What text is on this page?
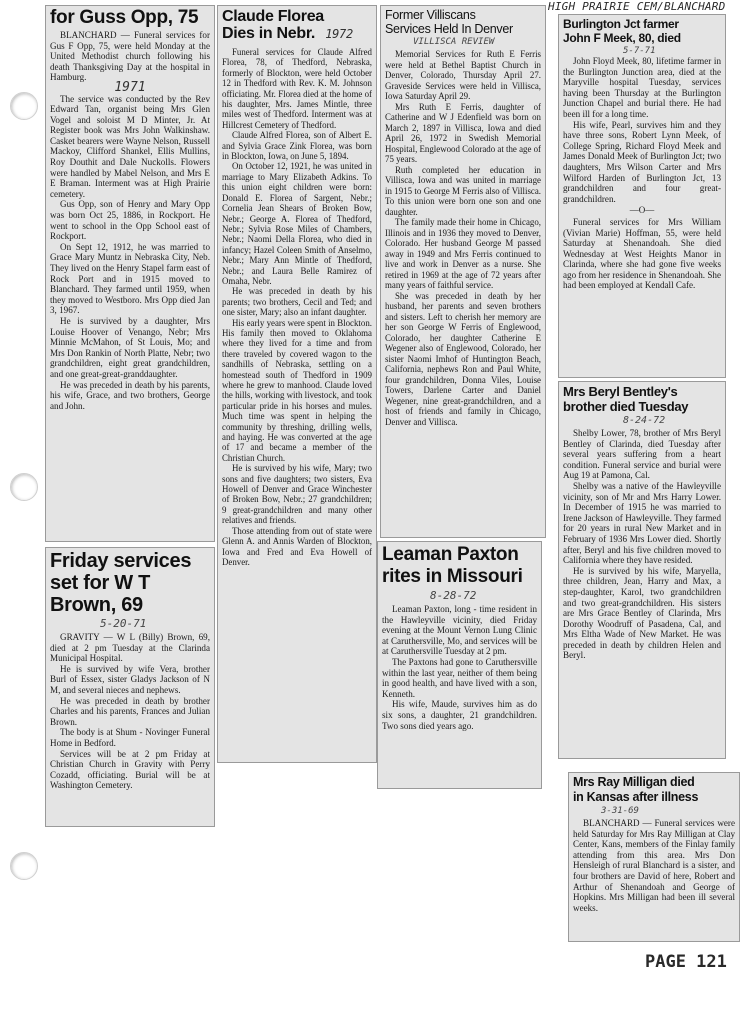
HIGH PRAIRIE CEM/BLANCHARD
for Guss Opp, 75

BLANCHARD — Funeral services for Gus F Opp, 75, were held Monday at the United Methodist church following his death Thanksgiving Day at the hospital in Hamburg.

1971

The service was conducted by the Rev Edward Tan, organist being Mrs Glen Vogel and soloist M D Minter, Jr. At Register book was Mrs John Walkinshaw. Casket bearers were Wayne Nelson, Russell Mackoy, Clifford Shankel, Ellis Mullins, Roy Douthit and Dale Nuckolls. Flowers were handled by Mabel Nelson, and Mrs E E Braman. Interment was at High Prairie cemetery.

Gus Opp, son of Henry and Mary Opp was born Oct 25, 1886, in Rockport. He went to school in the Opp School east of Rockport.

On Sept 12, 1912, he was married to Grace Mary Muntz in Nebraska City, Neb. They lived on the Henry Stapel farm east of Rock Port and in 1915 moved to Blanchard. They farmed until 1959, when they moved to Westboro. Mrs Opp died Jan 3, 1967.

He is survived by a daughter, Mrs Louise Hoover of Venango, Nebr; Mrs Minnie McMahon, of St Louis, Mo; and Mrs Don Rankin of North Platte, Nebr; two grandchildren, eight great grandchildren, and one great-great-granddaughter.

He was preceded in death by his parents, his wife, Grace, and two brothers, George and John.

Friday services set for W T Brown, 69
5-20-71

GRAVITY — W L (Billy) Brown, 69, died at 2 pm Tuesday at the Clarinda Municipal Hospital.

He is survived by wife Vera, brother Burl of Essex, sister Gladys Jackson of N M, and several nieces and nephews.

He was preceded in death by brother Charles and his parents, Frances and Julian Brown.

The body is at Shum - Novinger Funeral Home in Bedford.

Services will be at 2 pm Friday at Christian Church in Gravity with Perry Cozadd, officiating. Burial will be at Washington Cemetery.

Claude Florea
Dies in Nebr. 1972

Funeral services for Claude Alfred Florea, 78, of Thedford, Nebraska, formerly of Blockton, were held October 12 in Thedford with Rev. K. M. Johnson officiating. Mr. Florea died at the home of his daughter, Mrs. James Mintle, three miles west of Thedford. Interment was at Hillcrest Cemetery of Thedford.

Claude Alfred Florea, son of Albert E. and Sylvia Grace Zink Florea, was born in Blockton, Iowa, on June 5, 1894.

On October 12, 1921, he was united in marriage to Mary Elizabeth Adkins. To this union eight children were born: Donald E. Florea of Sargent, Nebr.; Cornelia Jean Shears of Broken Bow, Nebr.; George A. Florea of Thedford, Nebr.; Sylvia Rose Miles of Chambers, Nebr.; Naomi Della Florea, who died in infancy; Hazel Coleen Smith of Anselmo, Nebr.; Mary Ann Mintle of Thedford, Nebr.; and Laura Belle Ramirez of Omaha, Nebr.

He was preceded in death by his parents; two brothers, Cecil and Ted; and one sister, Mary; also an infant daughter.

His early years were spent in Blockton. His family then moved to Oklahoma where they lived for a time and from there traveled by covered wagon to the sandhills of Nebraska, settling on a homestead south of Thedford in 1909 where he grew to manhood. Claude loved the hills, working with livestock, and took particular pride in his horses and mules. Much time was spent in helping the community by threshing, drilling wells, and haying. He was converted at the age of 17 and became a member of the Christian Church.

He is survived by his wife, Mary; two sons and five daughters; two sisters, Eva Howell of Denver and Grace Winchester of Broken Bow, Nebr.; 27 grandchildren; 9 great-grandchildren and many other relatives and friends.

Those attending from out of state were Glenn A. and Annis Warden of Blockton, Iowa and Fred and Eva Howell of Denver.

Former Villiscans
Services Held In Denver
VILLISCA REVIEW

Memorial Services for Ruth E Ferris were held at Bethel Baptist Church in Denver, Colorado, Thursday April 27. Graveside Services were held in Villisca, Iowa Saturday April 29.

Mrs Ruth E Ferris, daughter of Catherine and W J Edenfield was born on March 2, 1897 in Villisca, Iowa and died April 26, 1972 in Swedish Memorial Hospital, Englewood Colorado at the age of 75 years.

Ruth completed her education in Villisca, Iowa and was united in marriage in 1915 to George M Ferris also of Villisca. To this union were born one son and one daughter.

The family made their home in Chicago, Illinois and in 1936 they moved to Denver, Colorado. Her husband George M passed away in 1949 and Mrs Ferris continued to live and work in Denver as a nurse. She retired in 1969 at the age of 72 years after many years of faithful service.

She was preceded in death by her husband, her parents and seven brothers and sisters. Left to cherish her memory are her son George W Ferris of Englewood, Colorado, her daughter Catherine E Wegener also of Englewood, Colorado, her sister Naomi Imhof of Huntington Beach, California, nephews Ron and Paul White, four grandchildren, Donna Viles, Louise Towers, Darlene Carter and Daniel Wegener, nine great-grandchildren, and a host of friends and family in Chicago, Denver and Villisca.

Leaman Paxton rites in Missouri
8-28-72

Leaman Paxton, long - time resident in the Hawleyville vicinity, died Friday evening at the Mount Vernon Lung Clinic at Caruthersville, Mo, and services will be at Caruthersville Tuesday at 2 pm.

The Paxtons had gone to Caruthersville within the last year, neither of them being in good health, and have lived with a son, Kenneth.

His wife, Maude, survives him as do six sons, a daughter, 21 grandchildren. Two sons died years ago.

Burlington Jct farmer
John F Meek, 80, died
5-7-71

John Floyd Meek, 80, lifetime farmer in the Burlington Junction area, died at the Maryville hospital Tuesday, services having been Thursday at the Burlington Junction Chapel and burial there. He had been ill for a long time.

His wife, Pearl, survives him and they have three sons, Robert Lynn Meek, of College Spring, Richard Floyd Meek and James Donald Meek of Burlington Jct; two daughters, Mrs Wilson Carter and Mrs Wilford Harden of Burlington Jct, 13 grandchildren and four great-grandchildren.

—O—

Funeral services for Mrs William (Vivian Marie) Hoffman, 55, were held Saturday at Shenandoah. She died Wednesday at West Heights Manor in Clarinda, where she had gone five weeks ago from her residence in Shenandoah. She had been employed at Kendall Cafe.

Mrs Beryl Bentley's
brother died Tuesday
8-24-72

Shelby Lower, 78, brother of Mrs Beryl Bentley of Clarinda, died Tuesday after several years suffering from a heart condition. Funeral service and burial were Aug 19 at Pamona, Cal.

Shelby was a native of the Hawleyville vicinity, son of Mr and Mrs Harry Lower. In December of 1915 he was married to Irene Jackson of Hawleyville. They farmed for 20 years in rural New Market and in February of 1936 Mrs Lower died. Shortly after, Beryl and his five children moved to California where they have resided.

He is survived by his wife, Maryella, three children, Jean, Harry and Max, a step-daughter, Karol, two grandchildren and two great-grandchildren. His sisters are Mrs Grace Bentley of Clarinda, Mrs Dorothy Woodruff of Pasadena, Cal, and Mrs Eltha Wade of New Market. He was preceded in death by children Helen and Beryl.

Mrs Ray Milligan died
in Kansas after illness
3-31-69

BLANCHARD — Funeral services were held Saturday for Mrs Ray Milligan at Clay Center, Kans, members of the Finlay family attending from this area. Mrs Don Hensleigh of rural Blanchard is a sister, and four brothers are David of here, Robert and Arthur of Shenandoah and George of Hopkins. Mrs Milligan had been ill several weeks.

PAGE 121
